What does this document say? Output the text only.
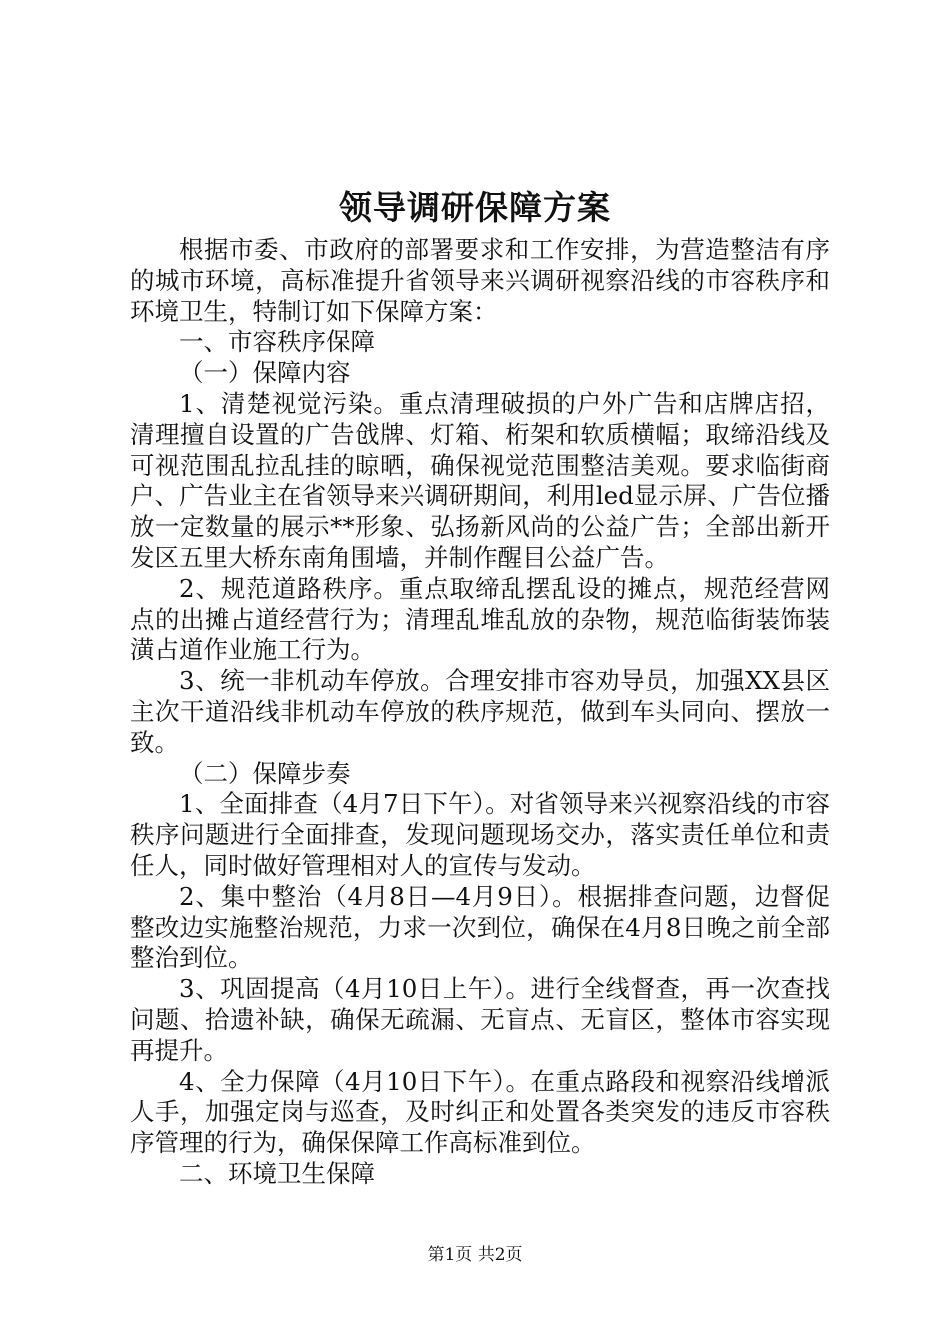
领导调研保障方案

根据市委、市政府的部署要求和工作安排，为营造整洁有序的城市环境，高标准提升省领导来兴调研视察沿线的市容秩序和环境卫生，特制订如下保障方案：

一、市容秩序保障

（一）保障内容

1、清楚视觉污染。重点清理破损的户外广告和店牌店招，清理擅自设置的广告戗牌、灯箱、桁架和软质横幅；取缔沿线及可视范围乱拉乱挂的晾晒，确保视觉范围整洁美观。要求临街商户、广告业主在省领导来兴调研期间，利用led显示屏、广告位播放一定数量的展示**形象、弘扬新风尚的公益广告；全部出新开发区五里大桥东南角围墙，并制作醒目公益广告。

2、规范道路秩序。重点取缔乱摆乱设的摊点，规范经营网点的出摊占道经营行为；清理乱堆乱放的杂物，规范临街装饰装潢占道作业施工行为。

3、统一非机动车停放。合理安排市容劝导员，加强XX县区主次干道沿线非机动车停放的秩序规范，做到车头同向、摆放一致。

（二）保障步奏

1、全面排查（4月7日下午）。对省领导来兴视察沿线的市容秩序问题进行全面排查，发现问题现场交办，落实责任单位和责任人，同时做好管理相对人的宣传与发动。

2、集中整治（4月8日—4月9日）。根据排查问题，边督促整改边实施整治规范，力求一次到位，确保在4月8日晚之前全部整治到位。

3、巩固提高（4月10日上午）。进行全线督查，再一次查找问题、拾遗补缺，确保无疏漏、无盲点、无盲区，整体市容实现再提升。

4、全力保障（4月10日下午）。在重点路段和视察沿线增派人手，加强定岗与巡查，及时纠正和处置各类突发的违反市容秩序管理的行为，确保保障工作高标准到位。

二、环境卫生保障

第1页 共2页
